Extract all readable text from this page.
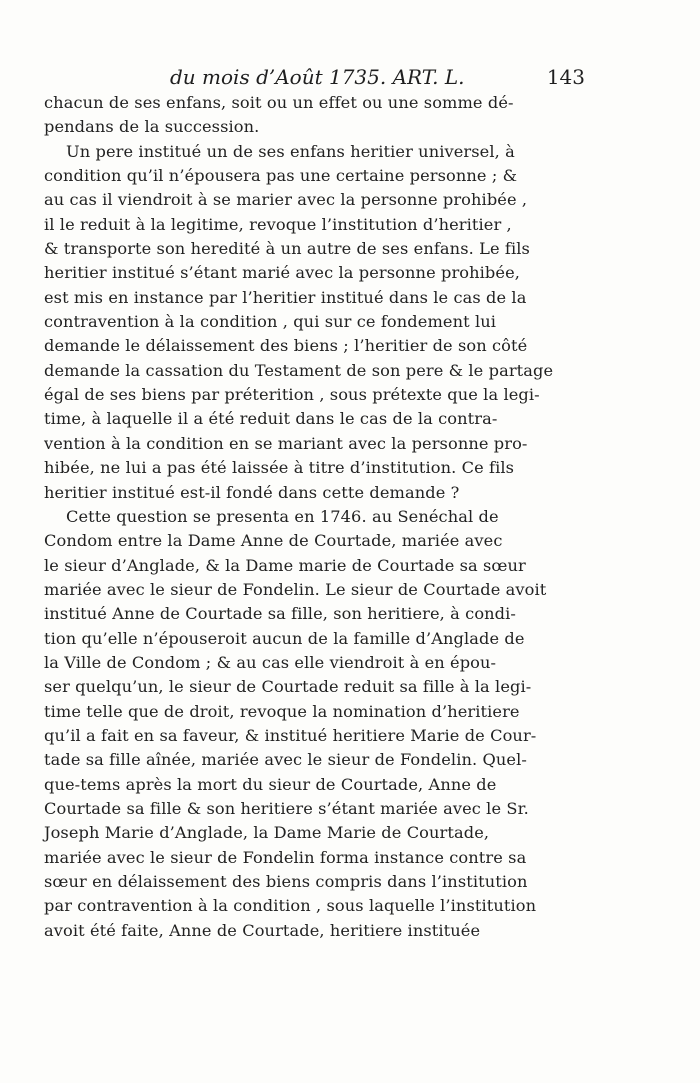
du mois d’Août 1735. ART. L.	143
chacun de ses enfans, soit ou un effet ou une somme dé-
pendans de la succession.
Un pere institué un de ses enfans heritier universel, à
condition qu’il n’épousera pas une certaine personne ; &
au cas il viendroit à se marier avec la personne prohibée ,
il le reduit à la legitime, revoque l’institution d’heritier ,
& transporte son heredité à un autre de ses enfans. Le fils
heritier institué s’étant marié avec la personne prohibée,
est mis en instance par l’heritier institué dans le cas de la
contravention à la condition , qui sur ce fondement lui
demande le délaissement des biens ; l’heritier de son côté
demande la cassation du Testament de son pere & le partage
égal de ses biens par préterition , sous prétexte que la legi-
time, à laquelle il a été reduit dans le cas de la contra-
vention à la condition en se mariant avec la personne pro-
hibée, ne lui a pas été laissée à titre d’institution. Ce fils
heritier institué est-il fondé dans cette demande ?
Cette question se presenta en 1746. au Senéchal de
Condom entre la Dame Anne de Courtade, mariée avec
le sieur d’Anglade, & la Dame marie de Courtade sa sœur
mariée avec le sieur de Fondelin. Le sieur de Courtade avoit
institué Anne de Courtade sa fille, son heritiere, à condi-
tion qu’elle n’épouseroit aucun de la famille d’Anglade de
la Ville de Condom ; & au cas elle viendroit à en épou-
ser quelqu’un, le sieur de Courtade reduit sa fille à la legi-
time telle que de droit, revoque la nomination d’heritiere
qu’il a fait en sa faveur, & institué heritiere Marie de Cour-
tade sa fille aînée, mariée avec le sieur de Fondelin. Quel-
que-tems après la mort du sieur de Courtade, Anne de
Courtade sa fille & son heritiere s’étant mariée avec le Sr.
Joseph Marie d’Anglade, la Dame Marie de Courtade,
mariée avec le sieur de Fondelin forma instance contre sa
sœur en délaissement des biens compris dans l’institution
par contravention à la condition , sous laquelle l’institution
avoit été faite, Anne de Courtade, heritiere instituée
